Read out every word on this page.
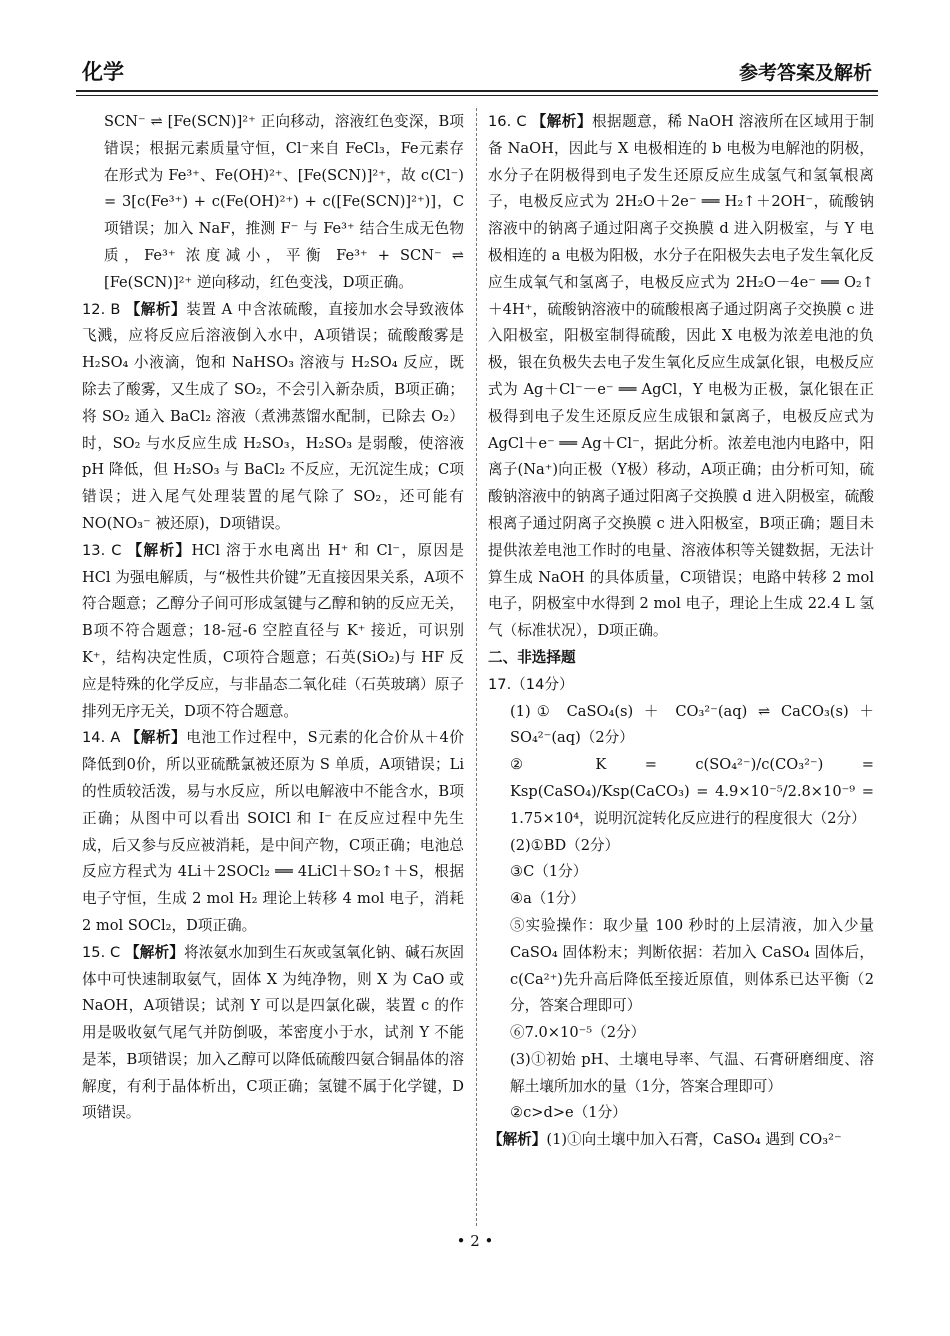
化学	参考答案及解析
SCN⁻ ⇌ [Fe(SCN)]²⁺ 正向移动，溶液红色变深，B项错误；根据元素质量守恒，Cl⁻来自 FeCl₃，Fe元素存在形式为 Fe³⁺、Fe(OH)²⁺、[Fe(SCN)]²⁺，故 c(Cl⁻) = 3[c(Fe³⁺) + c(Fe(OH)²⁺) + c([Fe(SCN)]²⁺)]，C项错误；加入 NaF，推测 F⁻ 与 Fe³⁺ 结合生成无色物质，Fe³⁺ 浓度减小，平衡 Fe³⁺ + SCN⁻ ⇌ [Fe(SCN)]²⁺ 逆向移动，红色变浅，D项正确。
12. B 【解析】装置 A 中含浓硫酸，直接加水会导致液体飞溅，应将反应后溶液倒入水中，A项错误；硫酸酸雾是 H₂SO₄ 小液滴，饱和 NaHSO₃ 溶液与 H₂SO₄ 反应，既除去了酸雾，又生成了 SO₂，不会引入新杂质，B项正确；将 SO₂ 通入 BaCl₂ 溶液（煮沸蒸馏水配制，已除去 O₂）时，SO₂ 与水反应生成 H₂SO₃，H₂SO₃ 是弱酸，使溶液 pH 降低，但 H₂SO₃ 与 BaCl₂ 不反应，无沉淀生成；C项错误；进入尾气处理装置的尾气除了 SO₂，还可能有 NO(NO₃⁻ 被还原)，D项错误。
13. C 【解析】HCl 溶于水电离出 H⁺ 和 Cl⁻，原因是 HCl 为强电解质，与“极性共价键”无直接因果关系，A项不符合题意；乙醇分子间可形成氢键与乙醇和钠的反应无关，B项不符合题意；18-冠-6 空腔直径与 K⁺ 接近，可识别 K⁺，结构决定性质，C项符合题意；石英(SiO₂)与 HF 反应是特殊的化学反应，与非晶态二氧化硅（石英玻璃）原子排列无序无关，D项不符合题意。
14. A 【解析】电池工作过程中，S元素的化合价从＋4价降低到0价，所以亚硫酰氯被还原为 S 单质，A项错误；Li 的性质较活泼，易与水反应，所以电解液中不能含水，B项正确；从图中可以看出 SOICl 和 I⁻ 在反应过程中先生成，后又参与反应被消耗，是中间产物，C项正确；电池总反应方程式为 4Li＋2SOCl₂ ══ 4LiCl＋SO₂↑＋S，根据电子守恒，生成 2 mol H₂ 理论上转移 4 mol 电子，消耗 2 mol SOCl₂，D项正确。
15. C 【解析】将浓氨水加到生石灰或氢氧化钠、碱石灰固体中可快速制取氨气，固体 X 为纯净物，则 X 为 CaO 或 NaOH，A项错误；试剂 Y 可以是四氯化碳，装置 c 的作用是吸收氨气尾气并防倒吸，苯密度小于水，试剂 Y 不能是苯，B项错误；加入乙醇可以降低硫酸四氨合铜晶体的溶解度，有利于晶体析出，C项正确；氢键不属于化学键，D项错误。
16. C 【解析】根据题意，稀 NaOH 溶液所在区域用于制备 NaOH，因此与 X 电极相连的 b 电极为电解池的阴极，水分子在阴极得到电子发生还原反应生成氢气和氢氧根离子，电极反应式为 2H₂O＋2e⁻ ══ H₂↑＋2OH⁻，硫酸钠溶液中的钠离子通过阳离子交换膜 d 进入阴极室，与 Y 电极相连的 a 电极为阳极，水分子在阳极失去电子发生氧化反应生成氧气和氢离子，电极反应式为 2H₂O－4e⁻ ══ O₂↑＋4H⁺，硫酸钠溶液中的硫酸根离子通过阴离子交换膜 c 进入阳极室，阳极室制得硫酸，因此 X 电极为浓差电池的负极，银在负极失去电子发生氧化反应生成氯化银，电极反应式为 Ag＋Cl⁻－e⁻ ══ AgCl，Y 电极为正极，氯化银在正极得到电子发生还原反应生成银和氯离子，电极反应式为 AgCl＋e⁻ ══ Ag＋Cl⁻，据此分析。浓差电池内电路中，阳离子(Na⁺)向正极（Y极）移动，A项正确；由分析可知，硫酸钠溶液中的钠离子通过阳离子交换膜 d 进入阴极室，硫酸根离子通过阴离子交换膜 c 进入阳极室，B项正确；题目未提供浓差电池工作时的电量、溶液体积等关键数据，无法计算生成 NaOH 的具体质量，C项错误；电路中转移 2 mol 电子，阴极室中水得到 2 mol 电子，理论上生成 22.4 L 氢气（标准状况），D项正确。
二、非选择题
17.（14分）
(1)① CaSO₄(s) ＋ CO₃²⁻(aq) ⇌ CaCO₃(s) ＋ SO₄²⁻(aq)（2分）
② K = c(SO₄²⁻)/c(CO₃²⁻) = Ksp(CaSO₄)/Ksp(CaCO₃) = 4.9×10⁻⁵/2.8×10⁻⁹ = 1.75×10⁴，说明沉淀转化反应进行的程度很大（2分）
(2)①BD（2分）
③C（1分）
④a（1分）
⑤实验操作：取少量 100 秒时的上层清液，加入少量 CaSO₄ 固体粉末；判断依据：若加入 CaSO₄ 固体后，c(Ca²⁺)先升高后降低至接近原值，则体系已达平衡（2分，答案合理即可）
⑥7.0×10⁻⁵（2分）
(3)①初始 pH、土壤电导率、气温、石膏研磨细度、溶解土壤所加水的量（1分，答案合理即可）
②c>d>e（1分）
【解析】(1)①向土壤中加入石膏，CaSO₄ 遇到 CO₃²⁻
• 2 •
